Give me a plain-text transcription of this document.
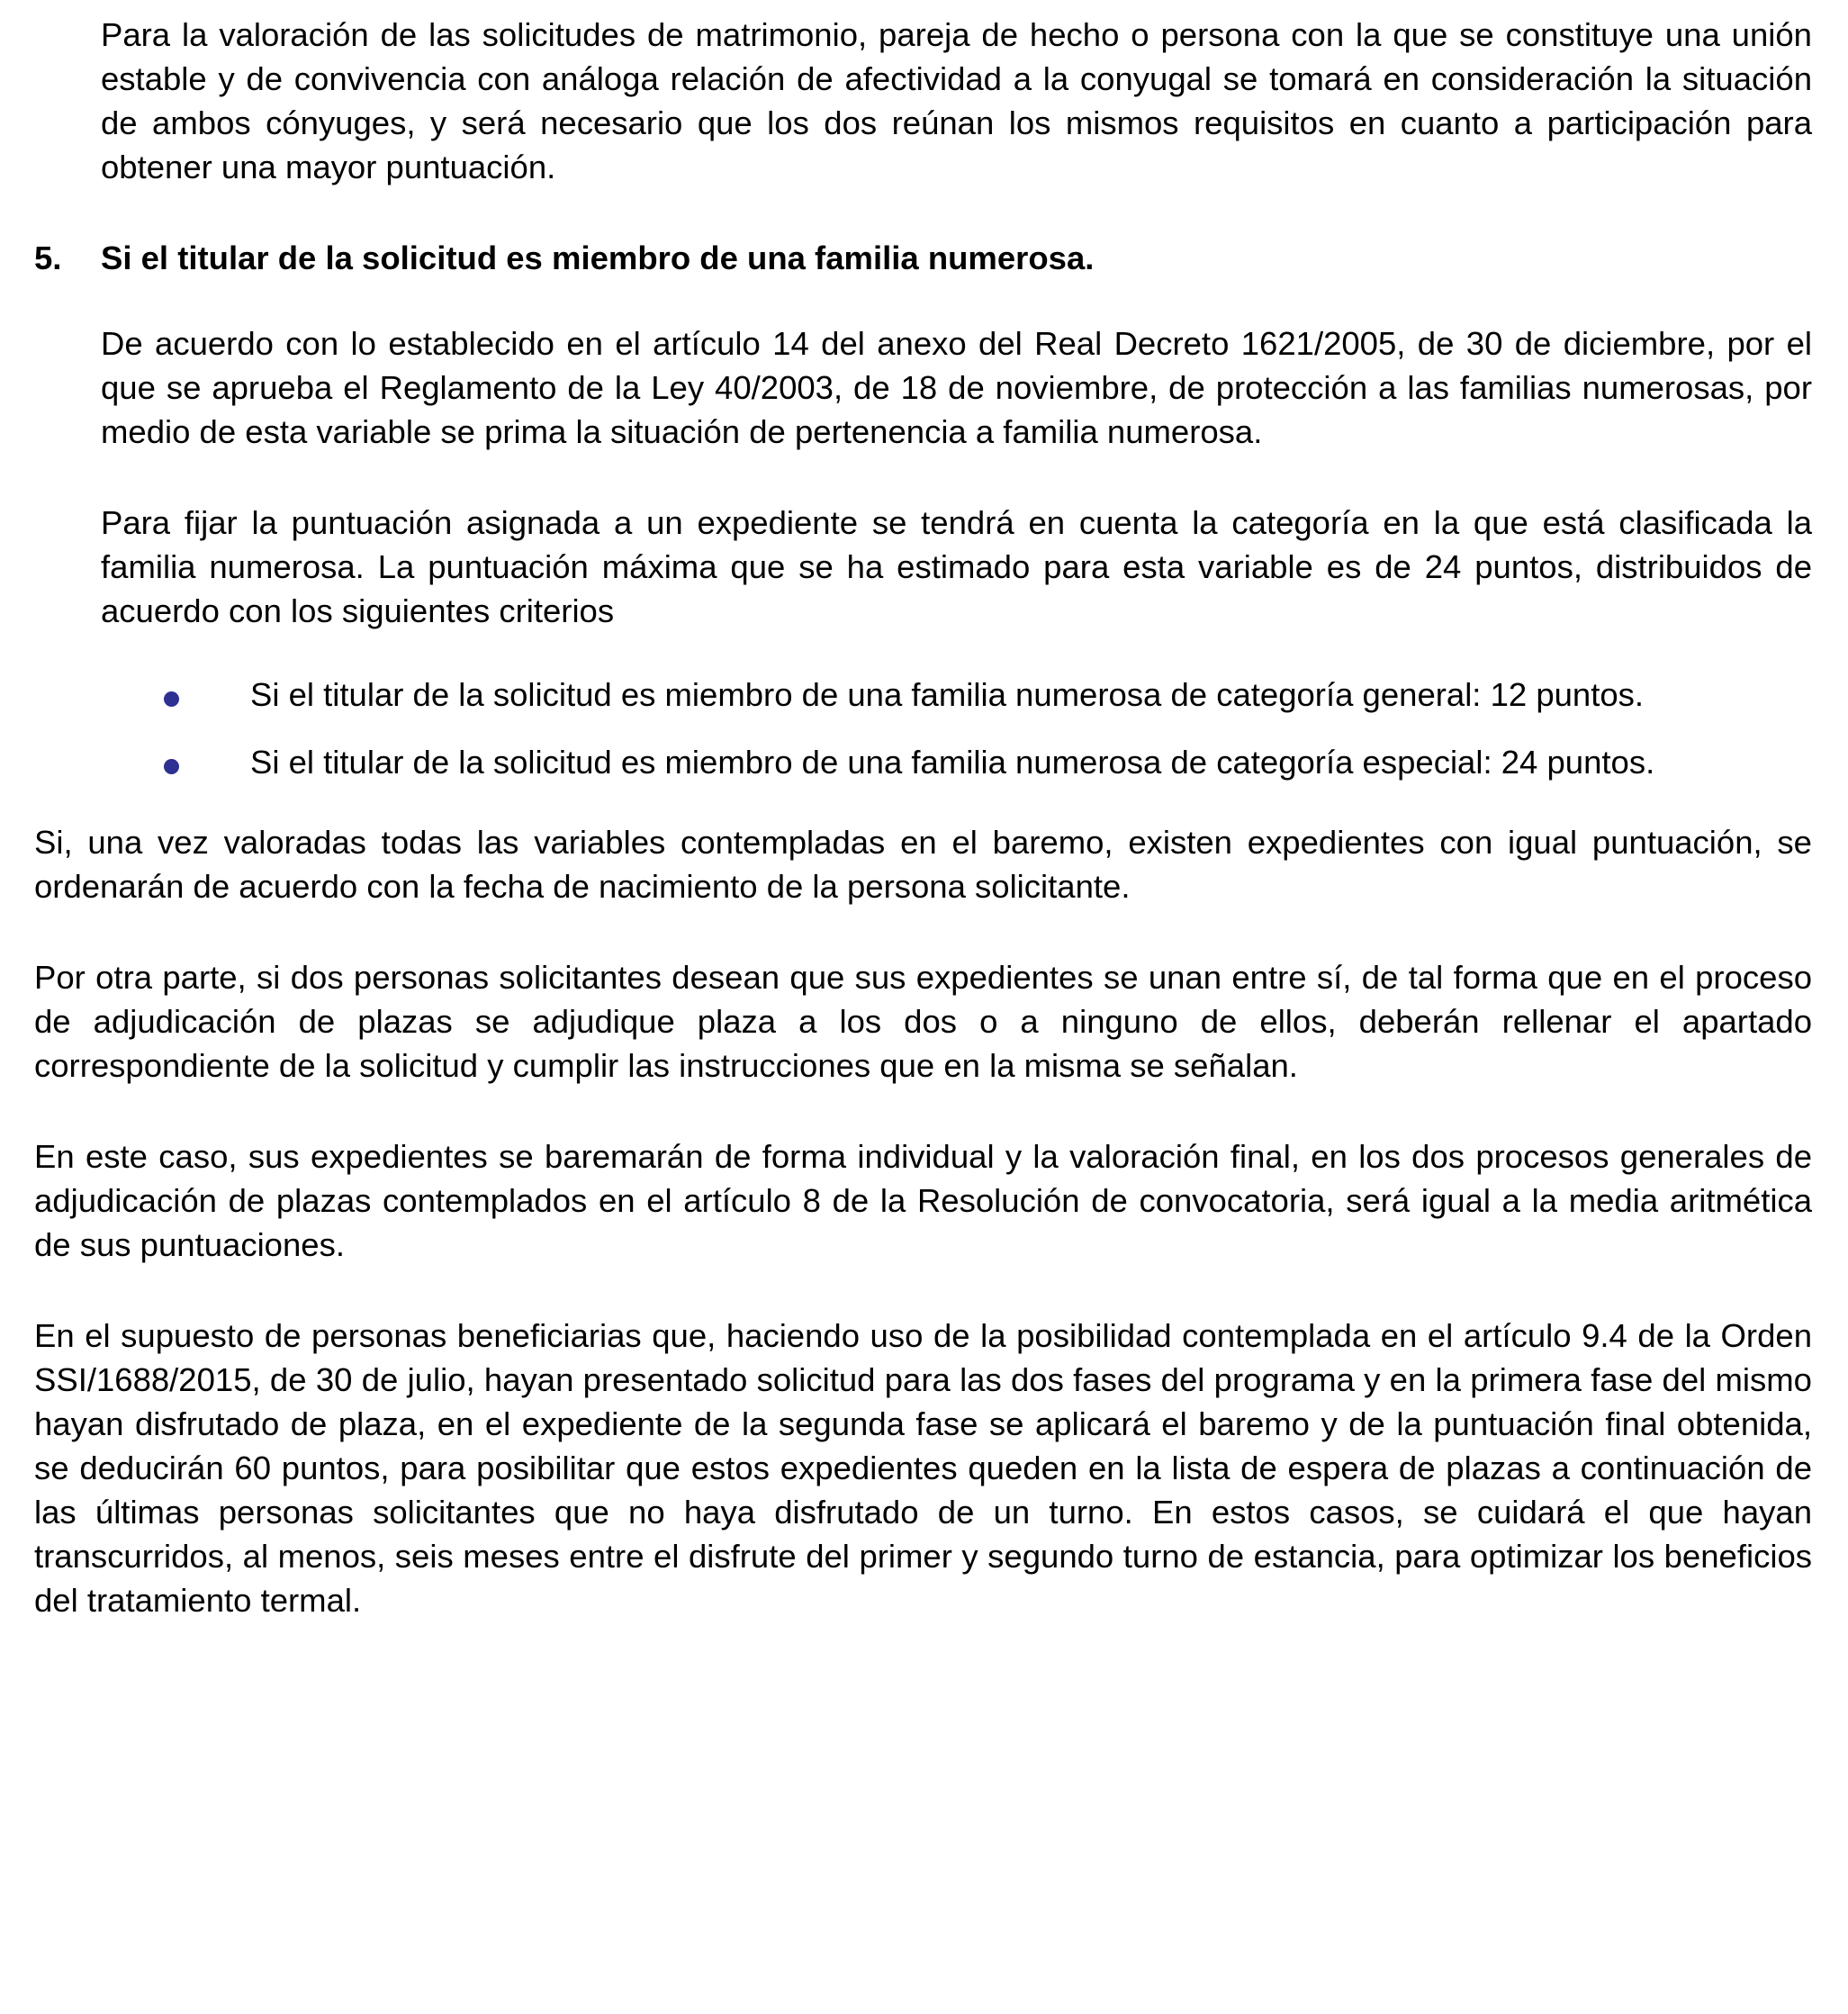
Para la valoración de las solicitudes de matrimonio, pareja de hecho o persona con la que se constituye una unión estable y de convivencia con análoga relación de afectividad a la conyugal se tomará en consideración la situación de ambos cónyuges, y será necesario que los dos reúnan los mismos requisitos en cuanto a participación para obtener una mayor puntuación.

5.	Si el titular de la solicitud es miembro de una familia numerosa.

De acuerdo con lo establecido en el artículo 14 del anexo del Real Decreto 1621/2005, de 30 de diciembre, por el que se aprueba el Reglamento de la Ley 40/2003, de 18 de noviembre, de protección a las familias numerosas, por medio de esta variable se prima la situación de pertenencia a familia numerosa.

Para fijar la puntuación asignada a un expediente se tendrá en cuenta la categoría en la que está clasificada la familia numerosa. La puntuación máxima que se ha estimado para esta variable es de 24 puntos, distribuidos de acuerdo con los siguientes criterios

Si el titular de la solicitud es miembro de una familia numerosa de categoría general: 12 puntos.
Si el titular de la solicitud es miembro de una familia numerosa de categoría especial: 24 puntos.

Si, una vez valoradas todas las variables contempladas en el baremo, existen expedientes con igual puntuación, se ordenarán de acuerdo con la fecha de nacimiento de la persona solicitante.

Por otra parte, si dos personas solicitantes desean que sus expedientes se unan entre sí, de tal forma que en el proceso de adjudicación de plazas se adjudique plaza a los dos o a ninguno de ellos, deberán rellenar el apartado correspondiente de la solicitud y cumplir las instrucciones que en la misma se señalan.

En este caso, sus expedientes se baremarán de forma individual y la valoración final, en los dos procesos generales de adjudicación de plazas contemplados en el artículo 8 de la Resolución de convocatoria, será igual a la media aritmética de sus puntuaciones.

En el supuesto de personas beneficiarias que, haciendo uso de la posibilidad contemplada en el artículo 9.4 de la Orden SSI/1688/2015, de 30 de julio, hayan presentado solicitud para las dos fases del programa y en la primera fase del mismo hayan disfrutado de plaza, en el expediente de la segunda fase se aplicará el baremo y de la puntuación final obtenida, se deducirán 60 puntos, para posibilitar que estos expedientes queden en la lista de espera de plazas a continuación de las últimas personas solicitantes que no haya disfrutado de un turno. En estos casos, se cuidará el que hayan transcurridos, al menos, seis meses entre el disfrute del primer y segundo turno de estancia, para optimizar los beneficios del tratamiento termal.
